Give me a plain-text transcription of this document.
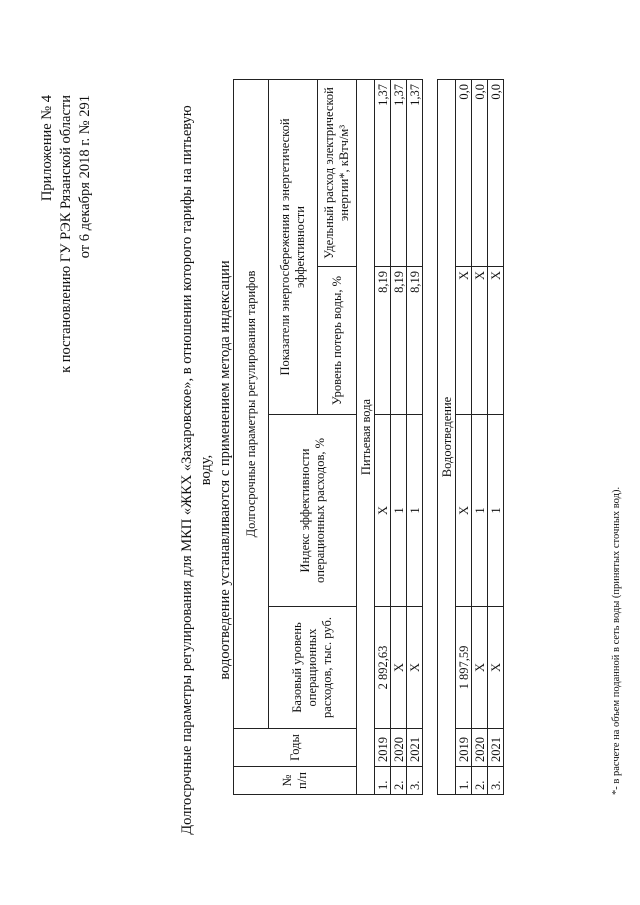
Приложение № 4 к постановлению ГУ РЭК Рязанской области от 6 декабря 2018 г. № 291	Долгосрочные параметры регулирования для МКП «ЖКХ «Захаровское», в отношении которого тарифы на питьевую воду, водоотведение устанавливаются с применением метода индексации
№ п/п	Годы	Долгосрочные параметры регулирования тарифов			
		Базовый уровень операционных расходов, тыс. руб.	Индекс эффективности операционных расходов, %	Показатели энергосбережения и энергетической эффективности	
				Уровень потерь воды, %	Удельный расход электрической энергии*, кВтч/м³
Питьевая вода					
1.	2019	2 892,63	Х	8,19	1,37
2.	2020	Х	1	8,19	1,37
3.	2021	Х	1	8,19	1,37

Водоотведение					
1.	2019	1 897,59	Х	Х	0,0
2.	2020	Х	1	Х	0,0
3.	2021	Х	1	Х	0,0
*- в расчете на объем поданной в сеть воды (принятых сточных вод).
